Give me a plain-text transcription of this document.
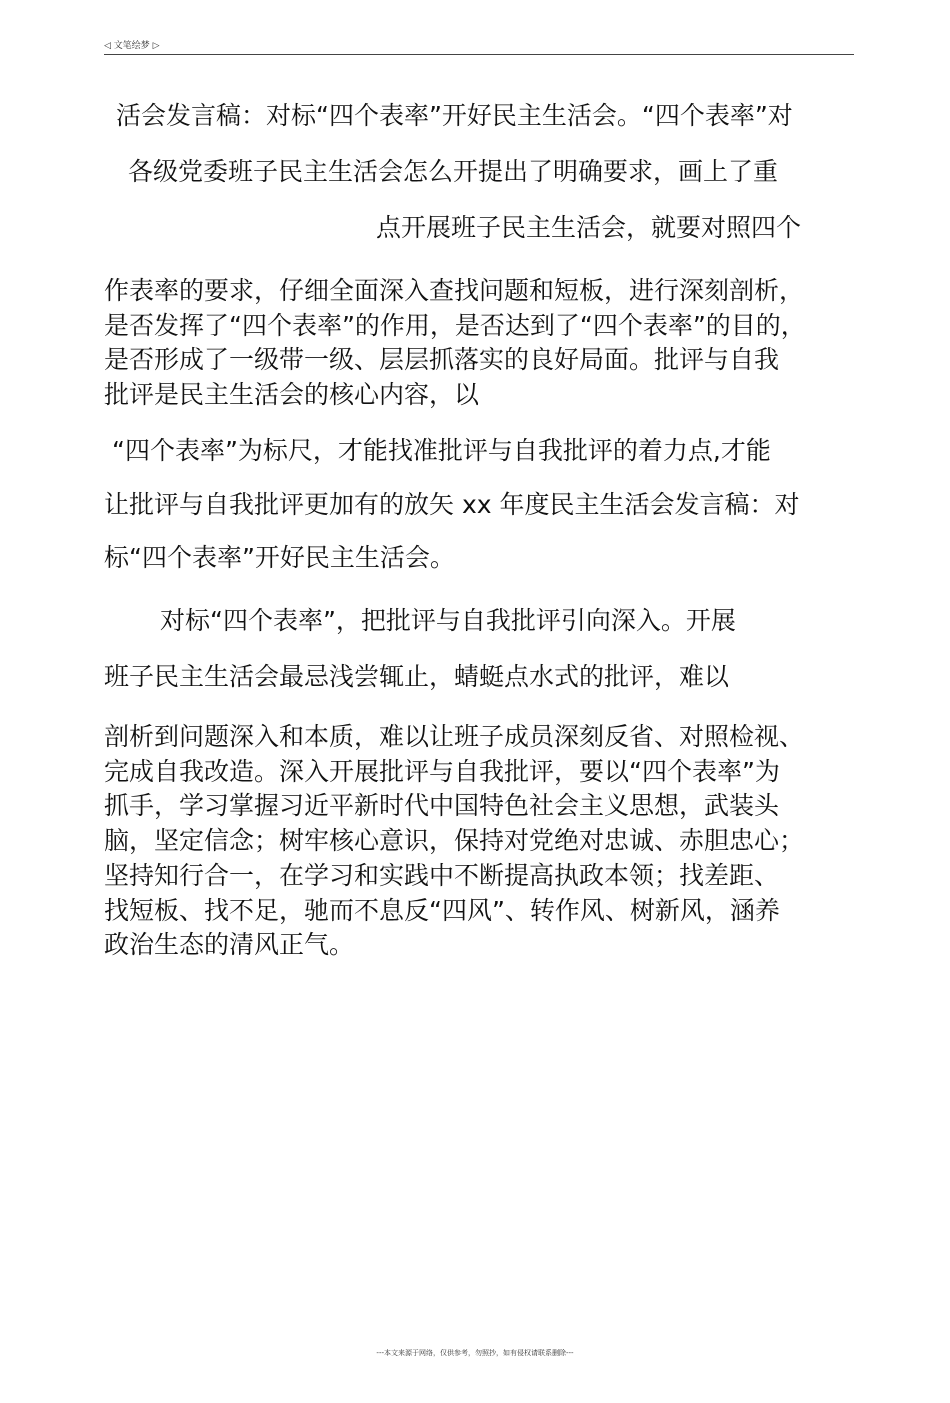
◁ 文笔绘梦 ▷
活会发言稿：对标“四个表率”开好民主生活会。“四个表率”对
各级党委班子民主生活会怎么开提出了明确要求，画上了重
点开展班子民主生活会，就要对照四个
作表率的要求，仔细全面深入查找问题和短板，进行深刻剖析，
是否发挥了“四个表率”的作用，是否达到了“四个表率”的目的，
是否形成了一级带一级、层层抓落实的良好局面。批评与自我
批评是民主生活会的核心内容，以
“四个表率”为标尺，才能找准批评与自我批评的着力点,才能
让批评与自我批评更加有的放矢 xx 年度民主生活会发言稿：对
标“四个表率”开好民主生活会。
对标“四个表率”，把批评与自我批评引向深入。开展
班子民主生活会最忌浅尝辄止，蜻蜓点水式的批评，难以
剖析到问题深入和本质，难以让班子成员深刻反省、对照检视、
完成自我改造。深入开展批评与自我批评，要以“四个表率”为
抓手，学习掌握习近平新时代中国特色社会主义思想，武装头
脑，坚定信念；树牢核心意识，保持对党绝对忠诚、赤胆忠心；
坚持知行合一，在学习和实践中不断提高执政本领；找差距、
找短板、找不足，驰而不息反“四风”、转作风、树新风，涵养
政治生态的清风正气。
---本文来源于网络，仅供参考，勿照抄，如有侵权请联系删除---
